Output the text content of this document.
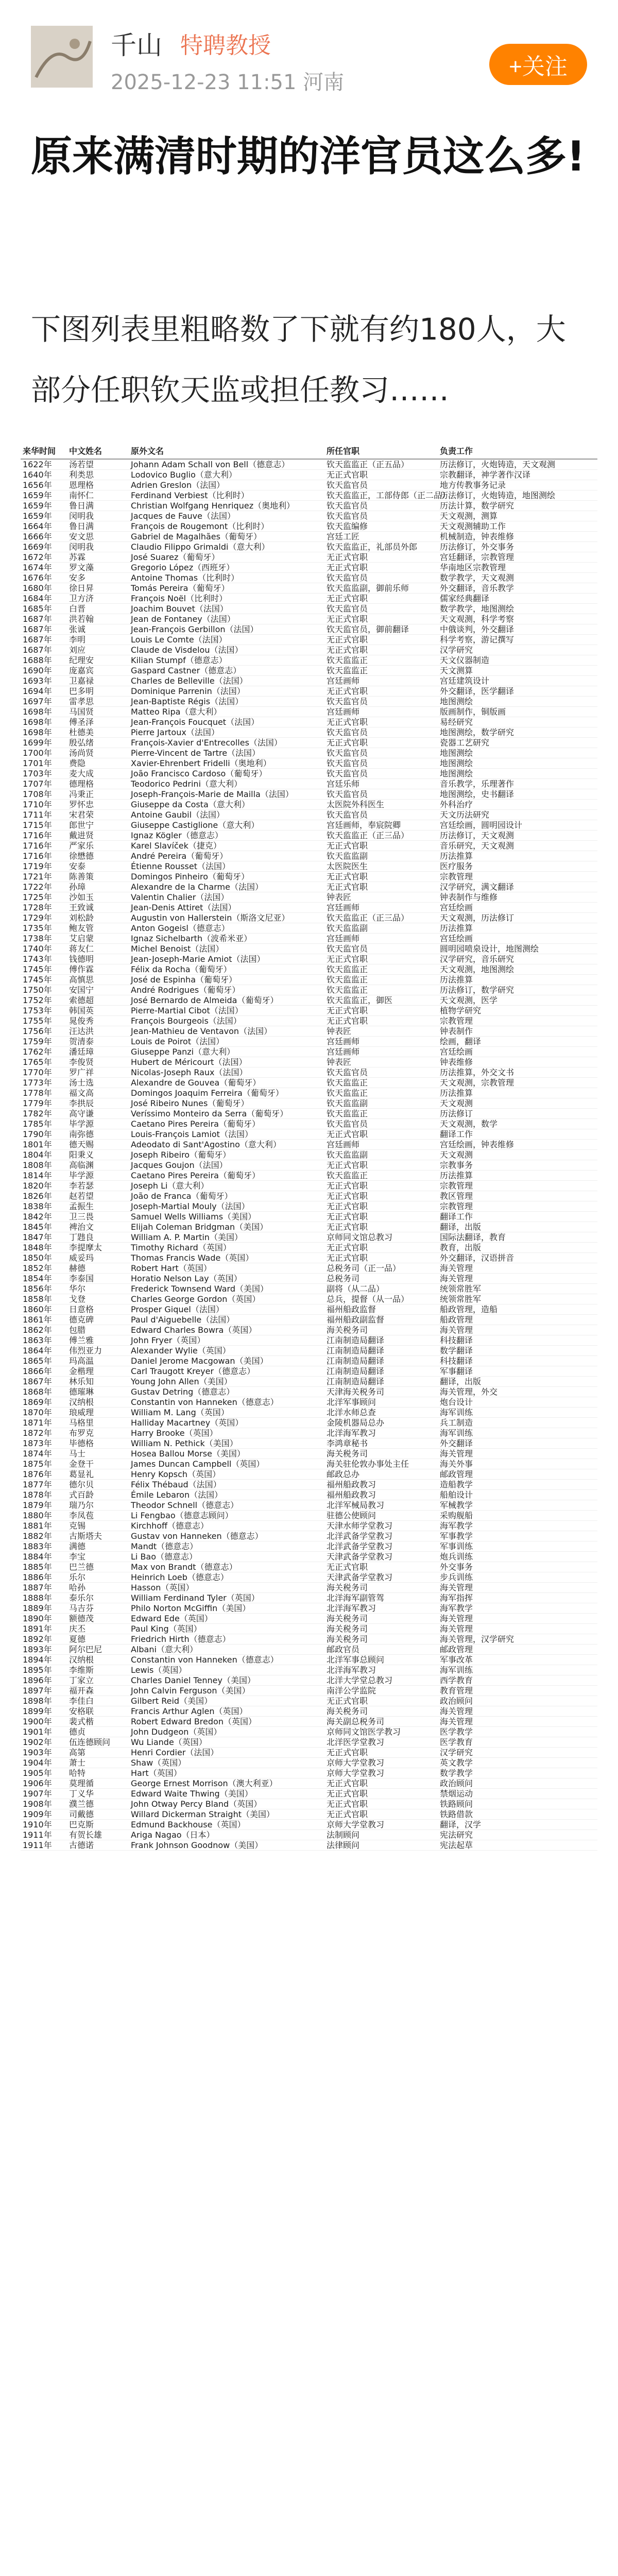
千山 特聘教授
2025-12-23 11:51 河南
+关注
原来满清时期的洋官员这么多!
下图列表里粗略数了下就有约180人，大部分任职钦天监或担任教习……
来华时间	中文姓名	原外文名	所任官职	负责工作
1622年	汤若望	Johann Adam Schall von Bell（德意志）	钦天监监正（正五品）	历法修订，火炮铸造，天文观测
1640年	利类思	Lodovico Buglio（意大利）	无正式官职	宗教翻译，神学著作汉译
1656年	恩理格	Adrien Greslon（法国）	钦天监官员	地方传教事务记录
1659年	南怀仁	Ferdinand Verbiest（比利时）	钦天监监正，工部侍郎（正二品）	历法修订，火炮铸造，地图测绘
1659年	鲁日满	Christian Wolfgang Henriquez（奥地利）	钦天监官员	历法计算，数学研究
1659年	闵明我	Jacques de Fauve（法国）	钦天监官员	天文观测，测算
1664年	鲁日满	François de Rougemont（比利时）	钦天监编修	天文观测辅助工作
1666年	安文思	Gabriel de Magalhães（葡萄牙）	宫廷工匠	机械制造，钟表维修
1669年	闵明我	Claudio Filippo Grimaldi（意大利）	钦天监监正，礼部员外郎	历法修订，外交事务
1672年	苏霖	José Suarez（葡萄牙）	无正式官职	宫廷翻译，宗教管理
1674年	罗文藻	Gregorio López（西班牙）	无正式官职	华南地区宗教管理
1676年	安多	Antoine Thomas（比利时）	钦天监官员	数学教学，天文观测
1680年	徐日昇	Tomás Pereira（葡萄牙）	钦天监监副，御前乐师	外交翻译，音乐教学
1684年	卫方济	François Noël（比利时）	无正式官职	儒家经典翻译
1685年	白晋	Joachim Bouvet（法国）	钦天监官员	数学教学，地图测绘
1687年	洪若翰	Jean de Fontaney（法国）	无正式官职	天文观测，科学考察
1687年	张诚	Jean-François Gerbillon（法国）	钦天监官员，御前翻译	中俄谈判，外交翻译
1687年	李明	Louis Le Comte（法国）	无正式官职	科学考察，游记撰写
1687年	刘应	Claude de Visdelou（法国）	无正式官职	汉学研究
1688年	纪理安	Kilian Stumpf（德意志）	钦天监监正	天文仪器制造
1690年	庞嘉宾	Gaspard Castner（德意志）	钦天监监正	天文测算
1693年	卫嘉禄	Charles de Belleville（法国）	宫廷画师	宫廷建筑设计
1694年	巴多明	Dominique Parrenin（法国）	无正式官职	外交翻译，医学翻译
1697年	雷孝思	Jean-Baptiste Régis（法国）	钦天监官员	地图测绘
1698年	马国贤	Matteo Ripa（意大利）	宫廷画师	版画制作，铜版画
1698年	傅圣泽	Jean-François Foucquet（法国）	无正式官职	易经研究
1698年	杜德美	Pierre Jartoux（法国）	钦天监官员	地图测绘，数学研究
1699年	殷弘绪	François-Xavier d'Entrecolles（法国）	无正式官职	瓷器工艺研究
1700年	汤尚贤	Pierre-Vincent de Tartre（法国）	钦天监官员	地图测绘
1701年	费隐	Xavier-Ehrenbert Fridelli（奥地利）	钦天监官员	地图测绘
1703年	麦大成	João Francisco Cardoso（葡萄牙）	钦天监官员	地图测绘
1707年	德理格	Teodorico Pedrini（意大利）	宫廷乐师	音乐教学，乐理著作
1708年	冯秉正	Joseph-François-Marie de Mailla（法国）	钦天监官员	地图测绘，史书翻译
1710年	罗怀忠	Giuseppe da Costa（意大利）	太医院外科医生	外科治疗
1711年	宋君荣	Antoine Gaubil（法国）	钦天监官员	天文历法研究
1715年	郎世宁	Giuseppe Castiglione（意大利）	宫廷画师，奉宸院卿	宫廷绘画，圆明园设计
1716年	戴进贤	Ignaz Kögler（德意志）	钦天监监正（正三品）	历法修订，天文观测
1716年	严家乐	Karel Slavíček（捷克）	无正式官职	音乐研究，天文观测
1716年	徐懋德	André Pereira（葡萄牙）	钦天监监副	历法推算
1719年	安泰	Étienne Rousset（法国）	太医院医生	医疗服务
1721年	陈善策	Domingos Pinheiro（葡萄牙）	无正式官职	宗教管理
1722年	孙璋	Alexandre de la Charme（法国）	无正式官职	汉学研究，满文翻译
1725年	沙如玉	Valentin Chalier（法国）	钟表匠	钟表制作与维修
1728年	王致诚	Jean-Denis Attiret（法国）	宫廷画师	宫廷绘画
1729年	刘松龄	Augustin von Hallerstein（斯洛文尼亚）	钦天监监正（正三品）	天文观测，历法修订
1735年	鲍友管	Anton Gogeisl（德意志）	钦天监监副	历法推算
1738年	艾启蒙	Ignaz Sichelbarth（波希米亚）	宫廷画师	宫廷绘画
1740年	蒋友仁	Michel Benoist（法国）	钦天监官员	圆明园喷泉设计，地图测绘
1743年	钱德明	Jean-Joseph-Marie Amiot（法国）	无正式官职	汉学研究，音乐研究
1745年	傅作霖	Félix da Rocha（葡萄牙）	钦天监监正	天文观测，地图测绘
1745年	高慎思	José de Espinha（葡萄牙）	钦天监监正	历法推算
1750年	安国宁	André Rodrigues（葡萄牙）	钦天监监正	历法修订，数学研究
1752年	索德超	José Bernardo de Almeida（葡萄牙）	钦天监监正，御医	天文观测，医学
1753年	韩国英	Pierre-Martial Cibot（法国）	无正式官职	植物学研究
1755年	晁俊秀	François Bourgeois（法国）	无正式官职	宗教管理
1756年	汪达洪	Jean-Mathieu de Ventavon（法国）	钟表匠	钟表制作
1759年	贺清泰	Louis de Poirot（法国）	宫廷画师	绘画，翻译
1762年	潘廷璋	Giuseppe Panzi（意大利）	宫廷画师	宫廷绘画
1765年	李俊贤	Hubert de Méricourt（法国）	钟表匠	钟表维修
1770年	罗广祥	Nicolas-Joseph Raux（法国）	钦天监官员	历法推算，外交文书
1773年	汤士选	Alexandre de Gouvea（葡萄牙）	钦天监监正	天文观测，宗教管理
1778年	福文高	Domingos Joaquim Ferreira（葡萄牙）	钦天监监正	历法推算
1779年	李拱辰	José Ribeiro Nunes（葡萄牙）	钦天监监副	天文观测
1782年	高守谦	Veríssimo Monteiro da Serra（葡萄牙）	钦天监监正	历法修订
1785年	毕学源	Caetano Pires Pereira（葡萄牙）	钦天监官员	天文观测，数学
1790年	南弥德	Louis-François Lamiot（法国）	无正式官职	翻译工作
1801年	德天赐	Adeodato di Sant'Agostino（意大利）	宫廷画师	宫廷绘画，钟表维修
1804年	阳秉义	Joseph Ribeiro（葡萄牙）	钦天监监副	天文观测
1808年	高临渊	Jacques Goujon（法国）	无正式官职	宗教事务
1814年	毕学源	Caetano Pires Pereira（葡萄牙）	钦天监监正	历法推算
1820年	李若瑟	Joseph Li（意大利）	无正式官职	宗教管理
1826年	赵若望	João de Franca（葡萄牙）	无正式官职	教区管理
1838年	孟振生	Joseph-Martial Mouly（法国）	无正式官职	宗教管理
1842年	卫三畏	Samuel Wells Williams（美国）	无正式官职	翻译工作
1845年	裨治文	Elijah Coleman Bridgman（美国）	无正式官职	翻译，出版
1847年	丁韪良	William A. P. Martin（美国）	京师同文馆总教习	国际法翻译，教育
1848年	李提摩太	Timothy Richard（英国）	无正式官职	教育，出版
1850年	威妥玛	Thomas Francis Wade（英国）	无正式官职	外交翻译，汉语拼音
1852年	赫德	Robert Hart（英国）	总税务司（正一品）	海关管理
1854年	李泰国	Horatio Nelson Lay（英国）	总税务司	海关管理
1856年	华尔	Frederick Townsend Ward（美国）	副将（从二品）	统领常胜军
1858年	戈登	Charles George Gordon（英国）	总兵，提督（从一品）	统领常胜军
1860年	日意格	Prosper Giquel（法国）	福州船政监督	船政管理，造船
1861年	德克碑	Paul d'Aiguebelle（法国）	福州船政副监督	船政管理
1862年	包腊	Edward Charles Bowra（英国）	海关税务司	海关管理
1863年	傅兰雅	John Fryer（英国）	江南制造局翻译	科技翻译
1864年	伟烈亚力	Alexander Wylie（英国）	江南制造局翻译	数学翻译
1865年	玛高温	Daniel Jerome Macgowan（美国）	江南制造局翻译	科技翻译
1866年	金楷理	Carl Traugott Kreyer（德意志）	江南制造局翻译	军事翻译
1867年	林乐知	Young John Allen（美国）	江南制造局翻译	翻译，出版
1868年	德璀琳	Gustav Detring（德意志）	天津海关税务司	海关管理，外交
1869年	汉纳根	Constantin von Hanneken（德意志）	北洋军事顾问	炮台设计
1870年	琅威理	William M. Lang（英国）	北洋水师总查	海军训练
1871年	马格里	Halliday Macartney（英国）	金陵机器局总办	兵工制造
1872年	布罗克	Harry Brooke（英国）	北洋海军教习	海军训练
1873年	毕德格	William N. Pethick（美国）	李鸿章秘书	外交翻译
1874年	马士	Hosea Ballou Morse（美国）	海关税务司	海关管理
1875年	金登干	James Duncan Campbell（英国）	海关驻伦敦办事处主任	海关外事
1876年	葛显礼	Henry Kopsch（英国）	邮政总办	邮政管理
1877年	德尔贝	Félix Thébaud（法国）	福州船政教习	造船教学
1878年	式百龄	Émile Lebaron（法国）	福州船政教习	船舶设计
1879年	瑞乃尔	Theodor Schnell（德意志）	北洋军械局教习	军械教学
1880年	李凤苞	Li Fengbao（德意志顾问）	驻德公使顾问	采购舰船
1881年	克锡	Kirchhoff（德意志）	天津水师学堂教习	海军教学
1882年	古斯塔夫	Gustav von Hanneken（德意志）	北洋武备学堂教习	军事教学
1883年	满德	Mandt（德意志）	北洋武备学堂教习	军事训练
1884年	李宝	Li Bao（德意志）	天津武备学堂教习	炮兵训练
1885年	巴兰德	Max von Brandt（德意志）	无正式官职	外交事务
1886年	乐尔	Heinrich Loeb（德意志）	天津武备学堂教习	步兵训练
1887年	哈孙	Hasson（英国）	海关税务司	海关管理
1888年	泰乐尔	William Ferdinand Tyler（英国）	北洋海军副管驾	海军指挥
1889年	马吉芬	Philo Norton McGiffin（美国）	北洋海军教习	海军教学
1890年	额德茂	Edward Ede（英国）	海关税务司	海关管理
1891年	庆丕	Paul King（英国）	海关税务司	海关管理
1892年	夏德	Friedrich Hirth（德意志）	海关税务司	海关管理，汉学研究
1893年	阿尔巴尼	Albani（意大利）	邮政官员	邮政管理
1894年	汉纳根	Constantin von Hanneken（德意志）	北洋军事总顾问	军事改革
1895年	李维斯	Lewis（英国）	北洋海军教习	海军训练
1896年	丁家立	Charles Daniel Tenney（美国）	北洋大学堂总教习	西学教育
1897年	福开森	John Calvin Ferguson（美国）	南洋公学监院	教育管理
1898年	李佳白	Gilbert Reid（美国）	无正式官职	政治顾问
1899年	安格联	Francis Arthur Aglen（英国）	海关税务司	海关管理
1900年	裴式楷	Robert Edward Bredon（英国）	海关副总税务司	海关管理
1901年	德贞	John Dudgeon（英国）	京师同文馆医学教习	医学教学
1902年	伍连德顾问	Wu Liande（英国）	北洋医学堂教习	医学教育
1903年	高第	Henri Cordier（法国）	无正式官职	汉学研究
1904年	萧士	Shaw（英国）	京师大学堂教习	英文教学
1905年	哈特	Hart（英国）	京师大学堂教习	数学教学
1906年	莫理循	George Ernest Morrison（澳大利亚）	无正式官职	政治顾问
1907年	丁义华	Edward Waite Thwing（美国）	无正式官职	禁烟运动
1908年	濮兰德	John Otway Percy Bland（英国）	无正式官职	铁路顾问
1909年	司戴德	Willard Dickerman Straight（美国）	无正式官职	铁路借款
1910年	巴克斯	Edmund Backhouse（英国）	京师大学堂教习	翻译，汉学
1911年	有贺长雄	Ariga Nagao（日本）	法制顾问	宪法研究
1911年	古德诺	Frank Johnson Goodnow（美国）	法律顾问	宪法起草
